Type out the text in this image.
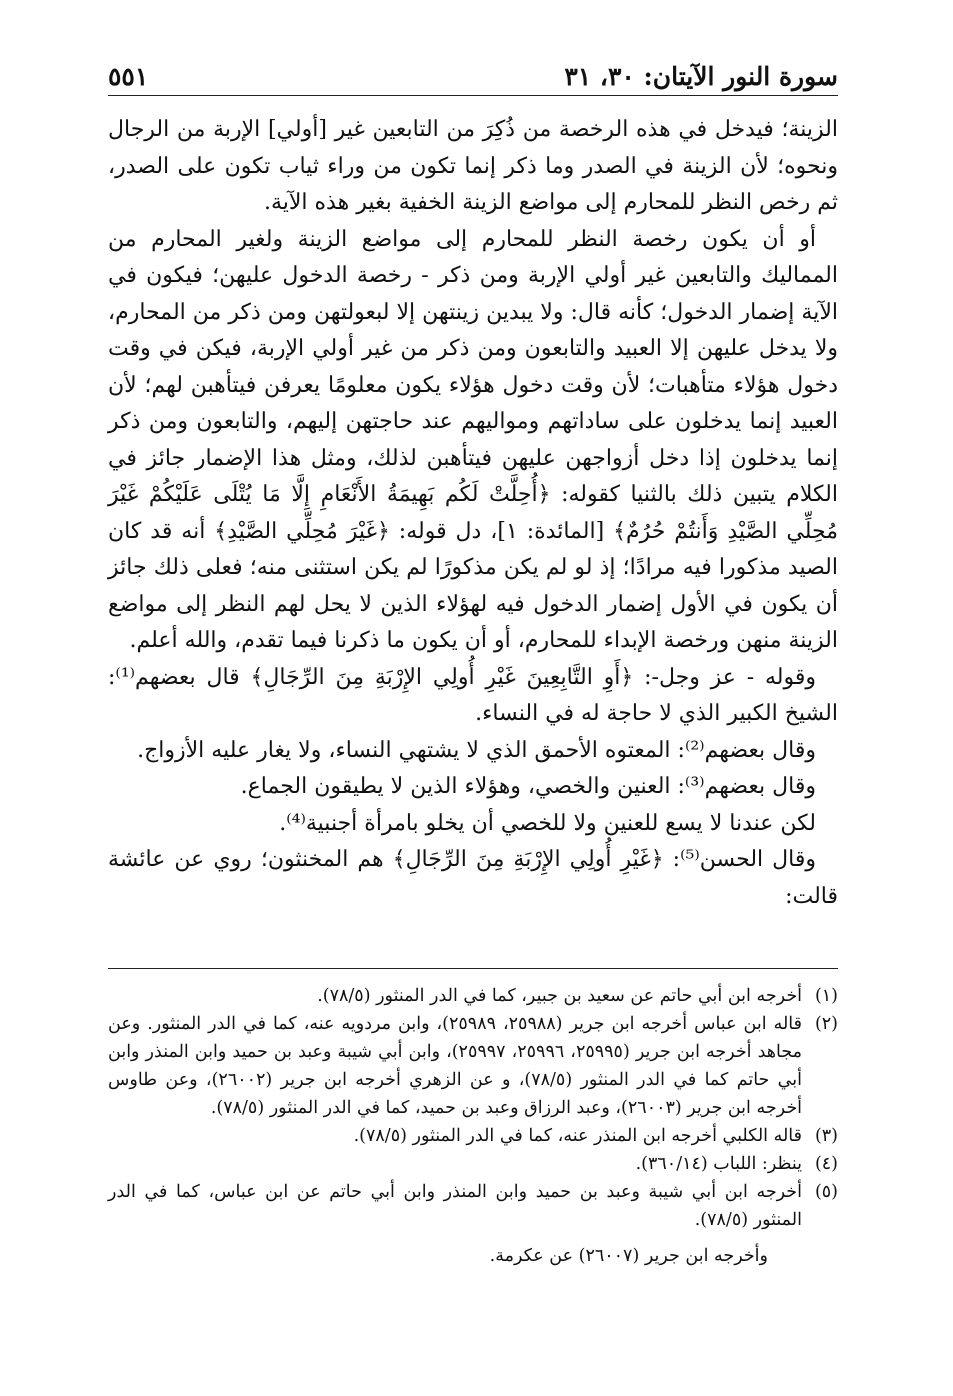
سورة النور الآيتان: ٣٠، ٣١
٥٥١

الزينة؛ فيدخل في هذه الرخصة من ذُكِرَ من التابعين غير [أولي] الإربة من الرجال ونحوه؛ لأن الزينة في الصدر وما ذكر إنما تكون من وراء ثياب تكون على الصدر، ثم رخص النظر للمحارم إلى مواضع الزينة الخفية بغير هذه الآية.

أو أن يكون رخصة النظر للمحارم إلى مواضع الزينة ولغير المحارم من المماليك والتابعين غير أولي الإربة ومن ذكر - رخصة الدخول عليهن؛ فيكون في الآية إضمار الدخول؛ كأنه قال: ولا يبدين زينتهن إلا لبعولتهن ومن ذكر من المحارم، ولا يدخل عليهن إلا العبيد والتابعون ومن ذكر من غير أولي الإربة، فيكن في وقت دخول هؤلاء متأهبات؛ لأن وقت دخول هؤلاء يكون معلومًا يعرفن فيتأهبن لهم؛ لأن العبيد إنما يدخلون على ساداتهم ومواليهم عند حاجتهن إليهم، والتابعون ومن ذكر إنما يدخلون إذا دخل أزواجهن عليهن فيتأهبن لذلك، ومثل هذا الإضمار جائز في الكلام يتبين ذلك بالثنيا كقوله: ﴿أُحِلَّتْ لَكُم بَهِيمَةُ الأَنْعَامِ إِلَّا مَا يُتْلَى عَلَيْكُمْ غَيْرَ مُحِلِّي الصَّيْدِ وَأَنتُمْ حُرُمٌ﴾ [المائدة: ١]، دل قوله: ﴿غَيْرَ مُحِلِّي الصَّيْدِ﴾ أنه قد كان الصيد مذكورا فيه مرادًا؛ إذ لو لم يكن مذكورًا لم يكن استثنى منه؛ فعلى ذلك جائز أن يكون في الأول إضمار الدخول فيه لهؤلاء الذين لا يحل لهم النظر إلى مواضع الزينة منهن ورخصة الإبداء للمحارم، أو أن يكون ما ذكرنا فيما تقدم، والله أعلم.

وقوله - عز وجل-: ﴿أَوِ التَّابِعِينَ غَيْرِ أُولِي الإِرْبَةِ مِنَ الرِّجَالِ﴾ قال بعضهم⁽¹⁾: الشيخ الكبير الذي لا حاجة له في النساء.

وقال بعضهم⁽²⁾: المعتوه الأحمق الذي لا يشتهي النساء، ولا يغار عليه الأزواج.

وقال بعضهم⁽³⁾: العنين والخصي، وهؤلاء الذين لا يطيقون الجماع.

لكن عندنا لا يسع للعنين ولا للخصي أن يخلو بامرأة أجنبية⁽⁴⁾.

وقال الحسن⁽⁵⁾: ﴿غَيْرِ أُولِي الإِرْبَةِ مِنَ الرِّجَالِ﴾ هم المخنثون؛ روي عن عائشة قالت:

(١)
أخرجه ابن أبي حاتم عن سعيد بن جبير، كما في الدر المنثور (٧٨/٥).
(٢)
قاله ابن عباس أخرجه ابن جرير (٢٥٩٨٨، ٢٥٩٨٩)، وابن مردويه عنه، كما في الدر المنثور. وعن مجاهد أخرجه ابن جرير (٢٥٩٩٥، ٢٥٩٩٦، ٢٥٩٩٧)، وابن أبي شيبة وعبد بن حميد وابن المنذر وابن أبي حاتم كما في الدر المنثور (٧٨/٥)، و عن الزهري أخرجه ابن جرير (٢٦٠٠٢)، وعن طاوس أخرجه ابن جرير (٢٦٠٠٣)، وعبد الرزاق وعبد بن حميد، كما في الدر المنثور (٧٨/٥).
(٣)
قاله الكلبي أخرجه ابن المنذر عنه، كما في الدر المنثور (٧٨/٥).
(٤)
ينظر: اللباب (٣٦٠/١٤).
(٥)
أخرجه ابن أبي شيبة وعبد بن حميد وابن المنذر وابن أبي حاتم عن ابن عباس، كما في الدر المنثور (٧٨/٥).
وأخرجه ابن جرير (٢٦٠٠٧) عن عكرمة.
